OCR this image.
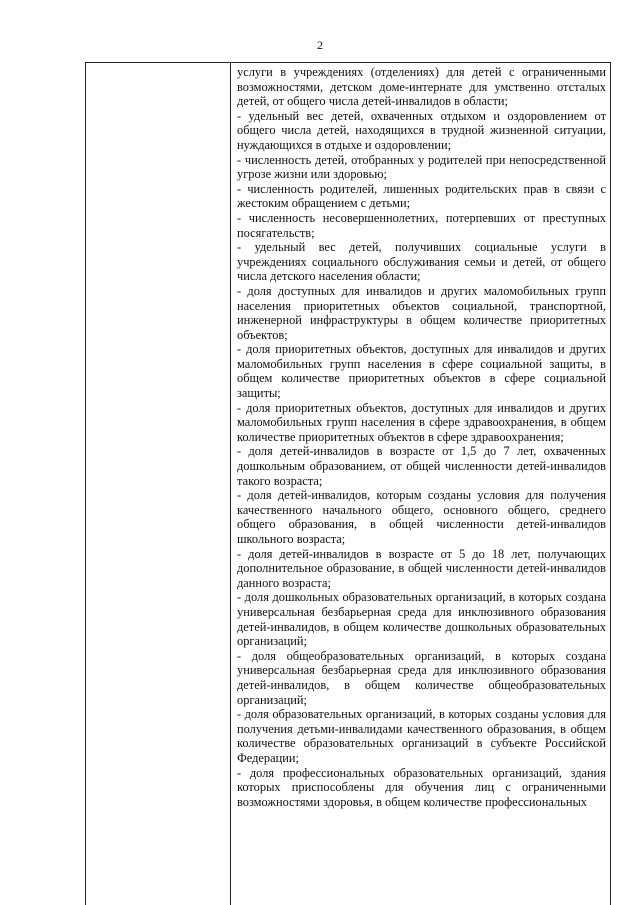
2

услуги в учреждениях (отделениях) для детей с ограниченными возможностями, детском доме-интернате для умственно отсталых детей, от общего числа детей-инвалидов в области;

- удельный вес детей, охваченных отдыхом и оздоровлением от общего числа детей, находящихся в трудной жизненной ситуации, нуждающихся в отдыхе и оздоровлении;

- численность детей, отобранных у родителей при непосредственной угрозе жизни или здоровью;

- численность родителей, лишенных родительских прав в связи с жестоким обращением с детьми;

- численность несовершеннолетних, потерпевших от преступных посягательств;

- удельный вес детей, получивших социальные услуги в учреждениях социального обслуживания семьи и детей, от общего числа детского населения области;

- доля доступных для инвалидов и других маломобильных групп населения приоритетных объектов социальной, транспортной, инженерной инфраструктуры в общем количестве приоритетных объектов;

- доля приоритетных объектов, доступных для инвалидов и других маломобильных групп населения в сфере социальной защиты, в общем количестве приоритетных объектов в сфере социальной защиты;

- доля приоритетных объектов, доступных для инвалидов и других маломобильных групп населения в сфере здравоохранения, в общем количестве приоритетных объектов в сфере здравоохранения;

- доля детей-инвалидов в возрасте от 1,5 до 7 лет, охваченных дошкольным образованием, от общей численности детей-инвалидов такого возраста;

- доля детей-инвалидов, которым созданы условия для получения качественного начального общего, основного общего, среднего общего образования, в общей численности детей-инвалидов школьного возраста;

- доля детей-инвалидов в возрасте от 5 до 18 лет, получающих дополнительное образование, в общей численности детей-инвалидов данного возраста;

- доля дошкольных образовательных организаций, в которых создана универсальная безбарьерная среда для инклюзивного образования детей-инвалидов, в общем количестве дошкольных образовательных организаций;

- доля общеобразовательных организаций, в которых создана универсальная безбарьерная среда для инклюзивного образования детей-инвалидов, в общем количестве общеобразовательных организаций;

- доля образовательных организаций, в которых созданы условия для получения детьми-инвалидами качественного образования, в общем количестве образовательных организаций в субъекте Российской Федерации;

- доля профессиональных образовательных организаций, здания которых приспособлены для обучения лиц с ограниченными возможностями здоровья, в общем количестве профессиональных
